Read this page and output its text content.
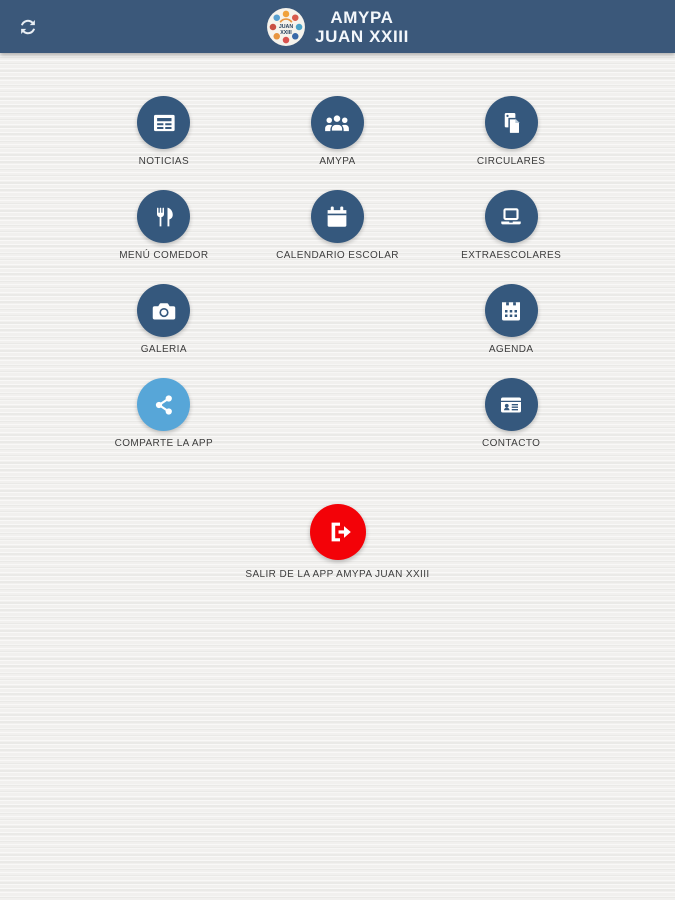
JUAN
XXIII
AMYPA
JUAN XXIII
NOTICIAS	AMYPA	CIRCULARES
MENÚ COMEDOR	CALENDARIO ESCOLAR	EXTRAESCOLARES
GALERIA	AGENDA
COMPARTE LA APP	CONTACTO
SALIR DE LA APP AMYPA JUAN XXIII
